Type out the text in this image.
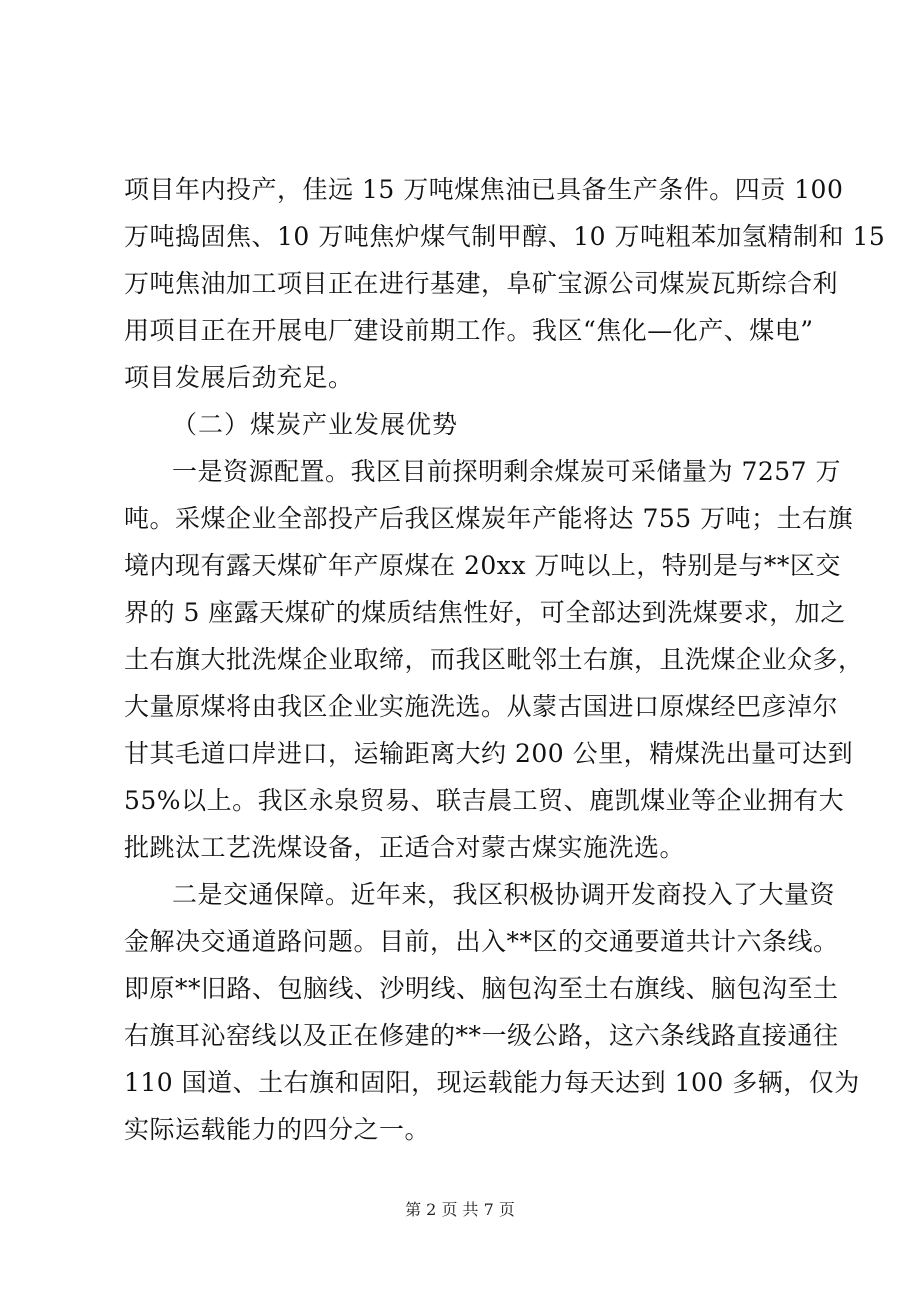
项目年内投产，佳远 15 万吨煤焦油已具备生产条件。四贡 100
万吨捣固焦、10 万吨焦炉煤气制甲醇、10 万吨粗苯加氢精制和 15
万吨焦油加工项目正在进行基建，阜矿宝源公司煤炭瓦斯综合利
用项目正在开展电厂建设前期工作。我区“焦化—化产、煤电”
项目发展后劲充足。
（二）煤炭产业发展优势
一是资源配置。我区目前探明剩余煤炭可采储量为 7257 万
吨。采煤企业全部投产后我区煤炭年产能将达 755 万吨；土右旗
境内现有露天煤矿年产原煤在 20xx 万吨以上，特别是与**区交
界的 5 座露天煤矿的煤质结焦性好，可全部达到洗煤要求，加之
土右旗大批洗煤企业取缔，而我区毗邻土右旗，且洗煤企业众多，
大量原煤将由我区企业实施洗选。从蒙古国进口原煤经巴彦淖尔
甘其毛道口岸进口，运输距离大约 200 公里，精煤洗出量可达到
55%以上。我区永泉贸易、联吉晨工贸、鹿凯煤业等企业拥有大
批跳汰工艺洗煤设备，正适合对蒙古煤实施洗选。
二是交通保障。近年来，我区积极协调开发商投入了大量资
金解决交通道路问题。目前，出入**区的交通要道共计六条线。
即原**旧路、包脑线、沙明线、脑包沟至土右旗线、脑包沟至土
右旗耳沁窑线以及正在修建的**一级公路，这六条线路直接通往
110 国道、土右旗和固阳，现运载能力每天达到 100 多辆，仅为
实际运载能力的四分之一。
第 2 页 共 7 页
